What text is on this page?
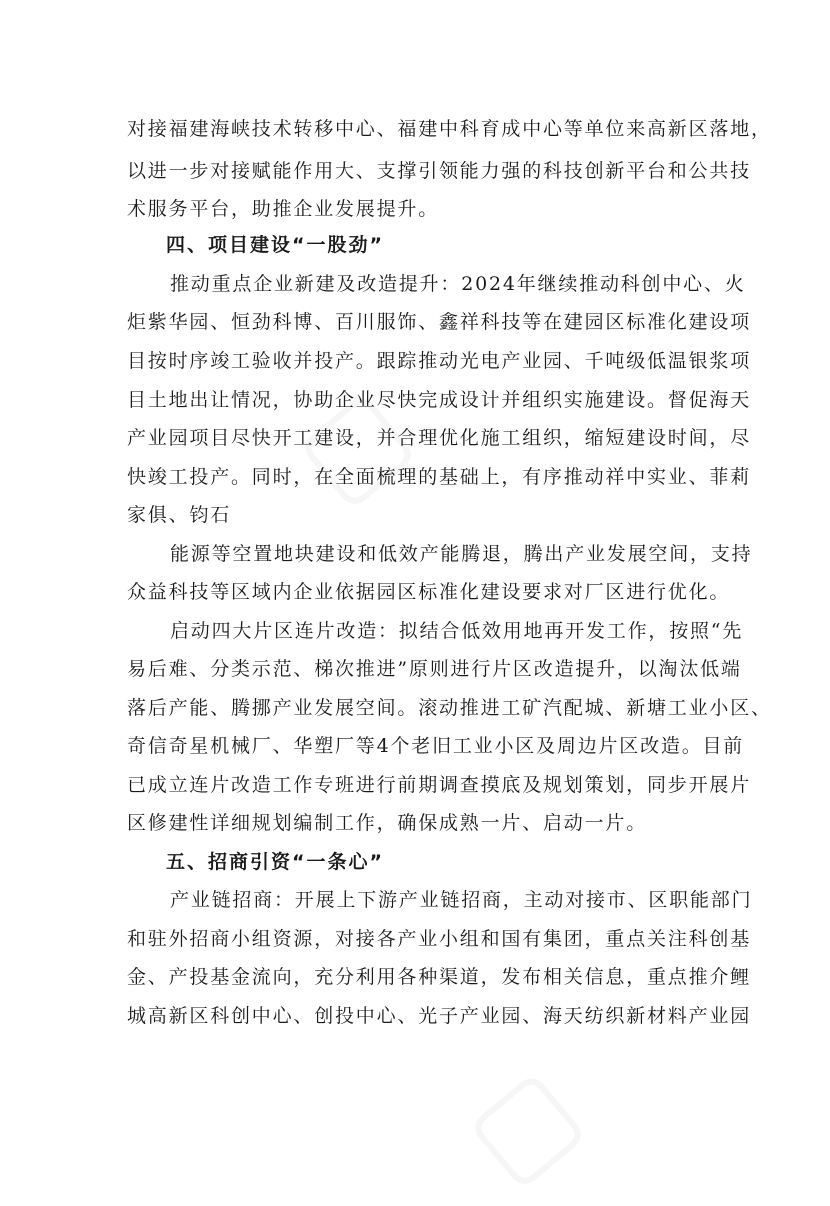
对接福建海峡技术转移中心、福建中科育成中心等单位来高新区落地，
以进一步对接赋能作用大、支撑引领能力强的科技创新平台和公共技
术服务平台，助推企业发展提升。
四、项目建设“一股劲”
推动重点企业新建及改造提升：2024年继续推动科创中心、火
炬紫华园、恒劲科博、百川服饰、鑫祥科技等在建园区标准化建设项
目按时序竣工验收并投产。跟踪推动光电产业园、千吨级低温银浆项
目土地出让情况，协助企业尽快完成设计并组织实施建设。督促海天
产业园项目尽快开工建设，并合理优化施工组织，缩短建设时间，尽
快竣工投产。同时，在全面梳理的基础上，有序推动祥中实业、菲莉
家俱、钧石
能源等空置地块建设和低效产能腾退，腾出产业发展空间，支持
众益科技等区域内企业依据园区标准化建设要求对厂区进行优化。
启动四大片区连片改造：拟结合低效用地再开发工作，按照“先
易后难、分类示范、梯次推进”原则进行片区改造提升，以淘汰低端
落后产能、腾挪产业发展空间。滚动推进工矿汽配城、新塘工业小区、
奇信奇星机械厂、华塑厂等4个老旧工业小区及周边片区改造。目前
已成立连片改造工作专班进行前期调查摸底及规划策划，同步开展片
区修建性详细规划编制工作，确保成熟一片、启动一片。
五、招商引资“一条心”
产业链招商：开展上下游产业链招商，主动对接市、区职能部门
和驻外招商小组资源，对接各产业小组和国有集团，重点关注科创基
金、产投基金流向，充分利用各种渠道，发布相关信息，重点推介鲤
城高新区科创中心、创投中心、光子产业园、海天纺织新材料产业园
